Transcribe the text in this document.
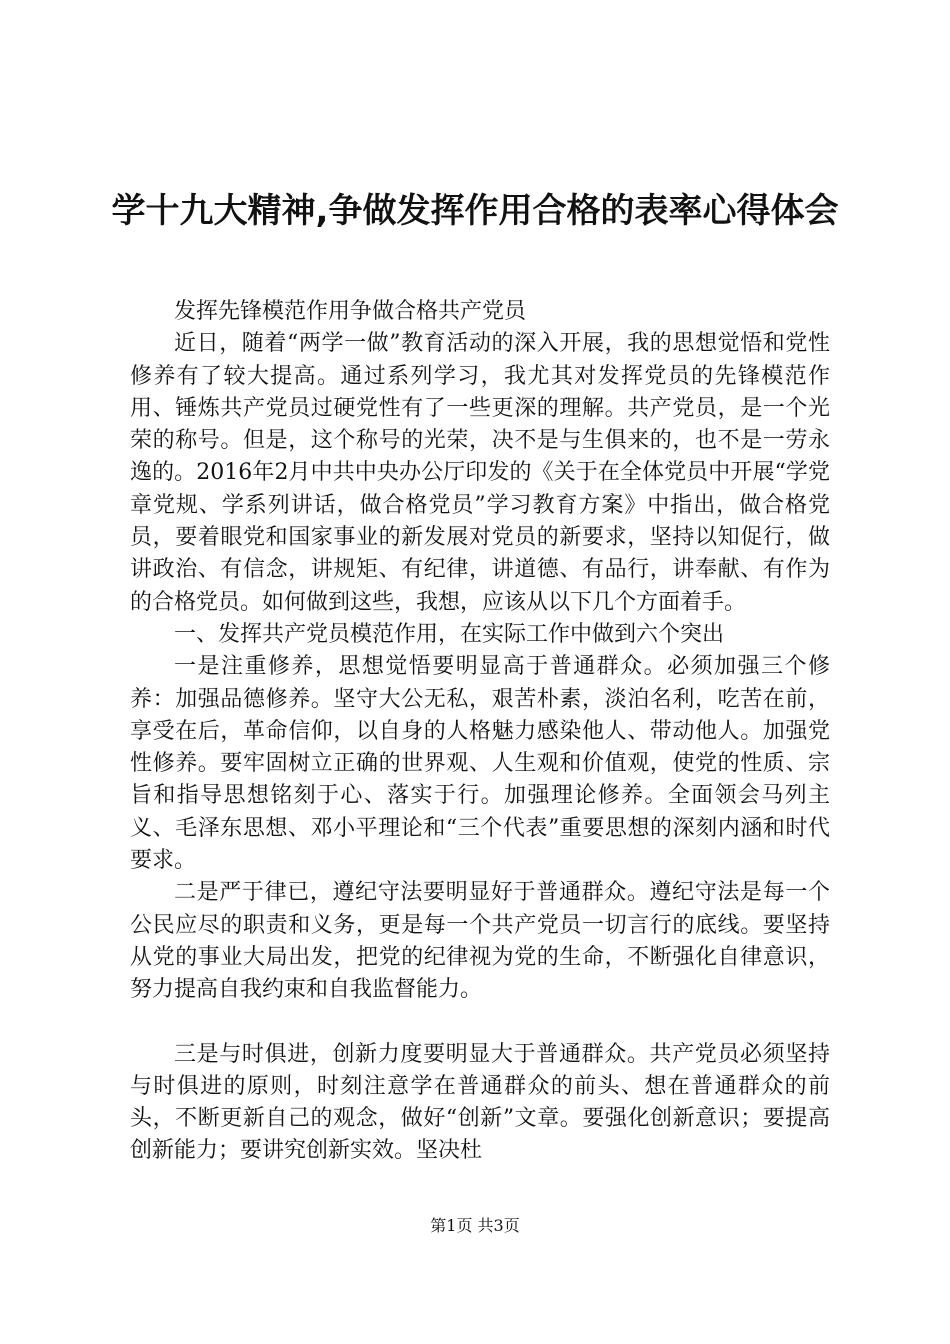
学十九大精神,争做发挥作用合格的表率心得体会

发挥先锋模范作用争做合格共产党员

近日，随着“两学一做”教育活动的深入开展，我的思想觉悟和党性修养有了较大提高。通过系列学习，我尤其对发挥党员的先锋模范作用、锤炼共产党员过硬党性有了一些更深的理解。共产党员，是一个光荣的称号。但是，这个称号的光荣，决不是与生俱来的，也不是一劳永逸的。2016年2月中共中央办公厅印发的《关于在全体党员中开展“学党章党规、学系列讲话，做合格党员”学习教育方案》中指出，做合格党员，要着眼党和国家事业的新发展对党员的新要求，坚持以知促行，做讲政治、有信念，讲规矩、有纪律，讲道德、有品行，讲奉献、有作为的合格党员。如何做到这些，我想，应该从以下几个方面着手。

一、发挥共产党员模范作用，在实际工作中做到六个突出

一是注重修养，思想觉悟要明显高于普通群众。必须加强三个修养：加强品德修养。坚守大公无私，艰苦朴素，淡泊名利，吃苦在前，享受在后，革命信仰，以自身的人格魅力感染他人、带动他人。加强党性修养。要牢固树立正确的世界观、人生观和价值观，使党的性质、宗旨和指导思想铭刻于心、落实于行。加强理论修养。全面领会马列主义、毛泽东思想、邓小平理论和“三个代表”重要思想的深刻内涵和时代要求。

二是严于律已，遵纪守法要明显好于普通群众。遵纪守法是每一个公民应尽的职责和义务，更是每一个共产党员一切言行的底线。要坚持从党的事业大局出发，把党的纪律视为党的生命，不断强化自律意识，努力提高自我约束和自我监督能力。

三是与时俱进，创新力度要明显大于普通群众。共产党员必须坚持与时俱进的原则，时刻注意学在普通群众的前头、想在普通群众的前头，不断更新自己的观念，做好“创新”文章。要强化创新意识；要提高创新能力；要讲究创新实效。坚决杜

第1页 共3页
